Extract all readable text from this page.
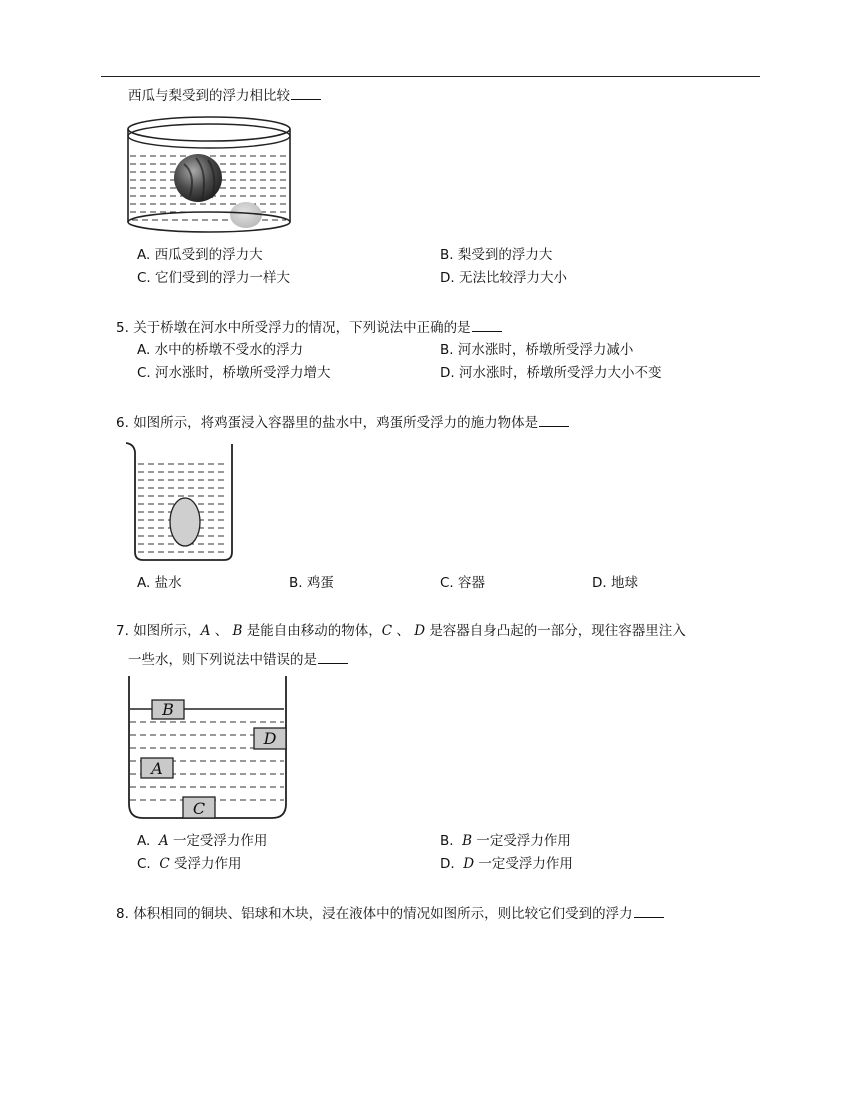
西瓜与梨受到的浮力相比较
A. 西瓜受到的浮力大	B. 梨受到的浮力大
C. 它们受到的浮力一样大	D. 无法比较浮力大小
5. 关于桥墩在河水中所受浮力的情况，下列说法中正确的是
A. 水中的桥墩不受水的浮力	B. 河水涨时，桥墩所受浮力减小
C. 河水涨时，桥墩所受浮力增大	D. 河水涨时，桥墩所受浮力大小不变
6. 如图所示，将鸡蛋浸入容器里的盐水中，鸡蛋所受浮力的施力物体是
A. 盐水	B. 鸡蛋	C. 容器	D. 地球
7. 如图所示，A 、 B 是能自由移动的物体，C 、 D 是容器自身凸起的一部分，现往容器里注入
一些水，则下列说法中错误的是
B
D
A
C
A. A 一定受浮力作用	B. B 一定受浮力作用
C. C 受浮力作用	D. D 一定受浮力作用
8. 体积相同的铜块、铝球和木块，浸在液体中的情况如图所示，则比较它们受到的浮力
